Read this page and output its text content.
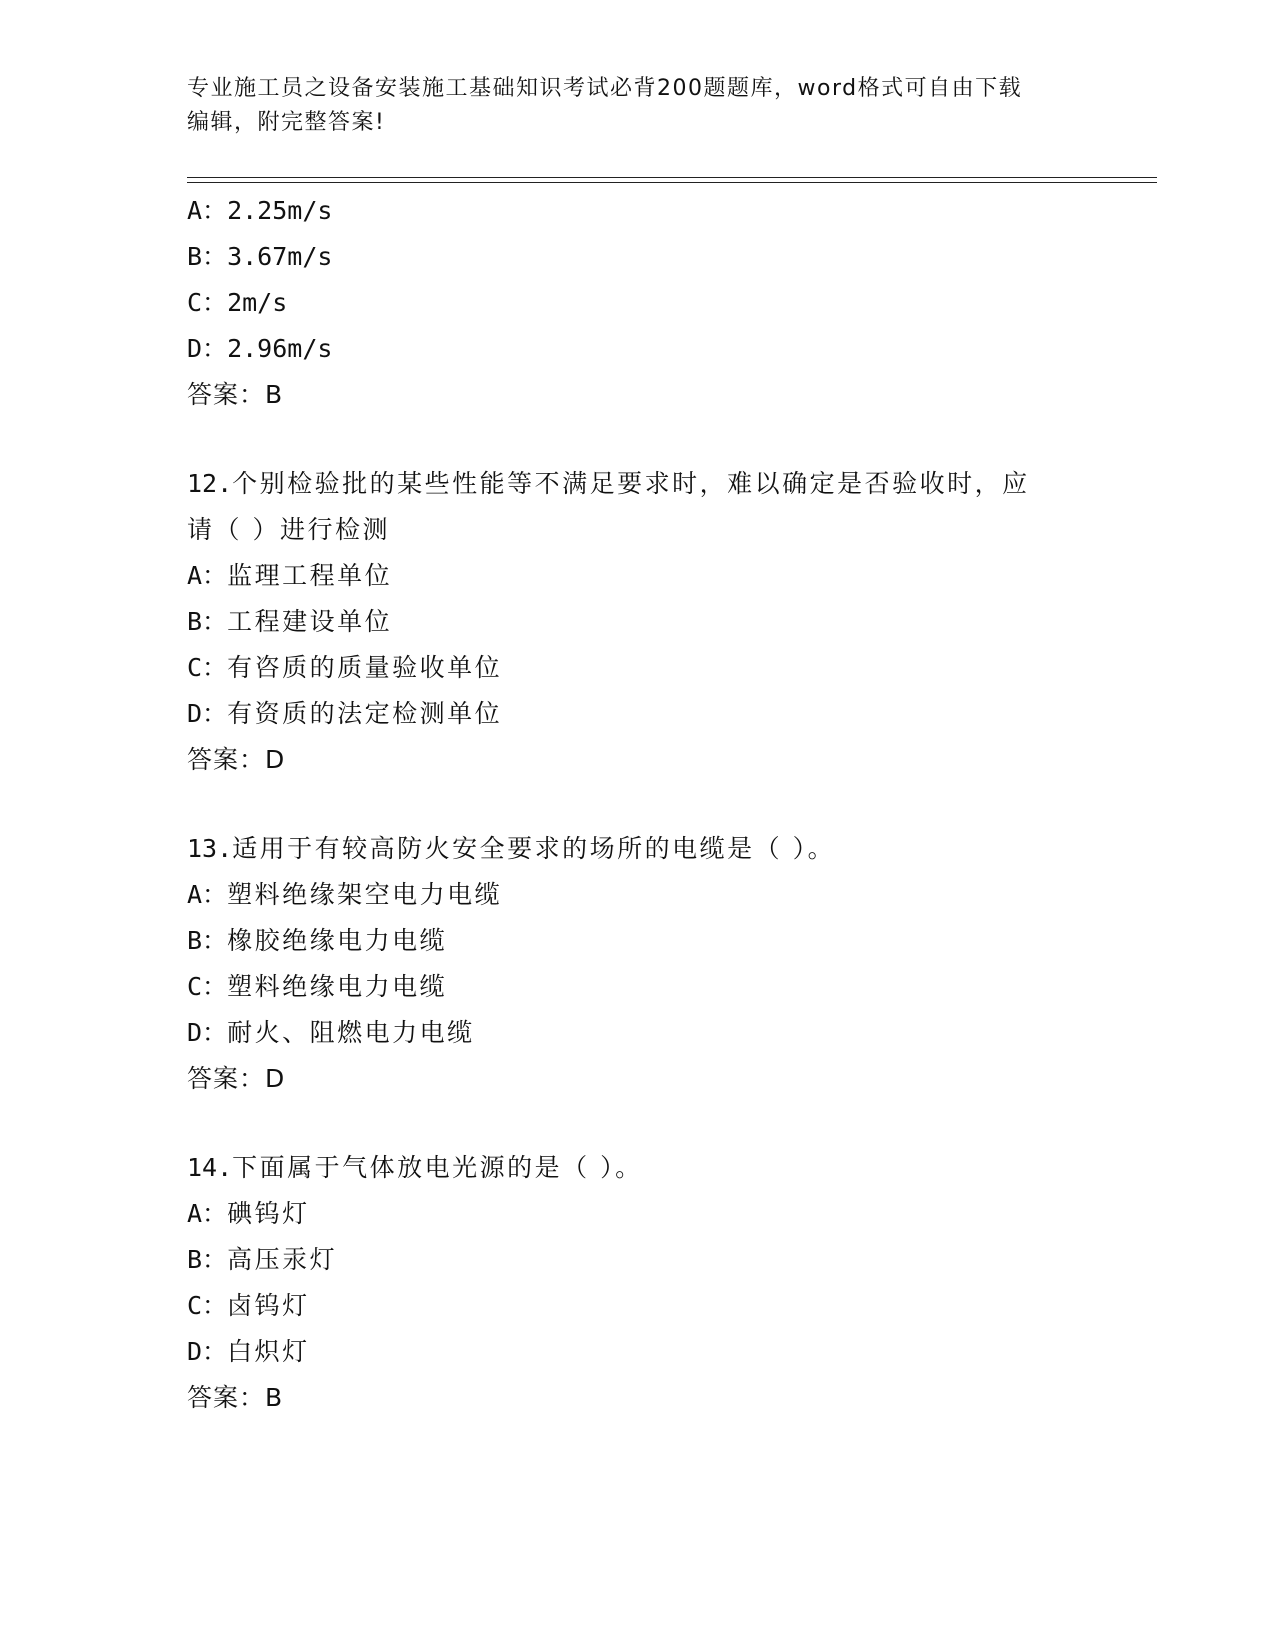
专业施工员之设备安装施工基础知识考试必背200题题库，word格式可自由下载
编辑，附完整答案!
A：2.25m/s
B：3.67m/s
C：2m/s
D：2.96m/s
答案：B
12.个别检验批的某些性能等不满足要求时，难以确定是否验收时，应
请（ ）进行检测
A：监理工程单位
B：工程建设单位
C：有咨质的质量验收单位
D：有资质的法定检测单位
答案：D
13.适用于有较高防火安全要求的场所的电缆是（ ）。
A：塑料绝缘架空电力电缆
B：橡胶绝缘电力电缆
C：塑料绝缘电力电缆
D：耐火、阻燃电力电缆
答案：D
14.下面属于气体放电光源的是（ ）。
A：碘钨灯
B：高压汞灯
C：卤钨灯
D：白炽灯
答案：B
